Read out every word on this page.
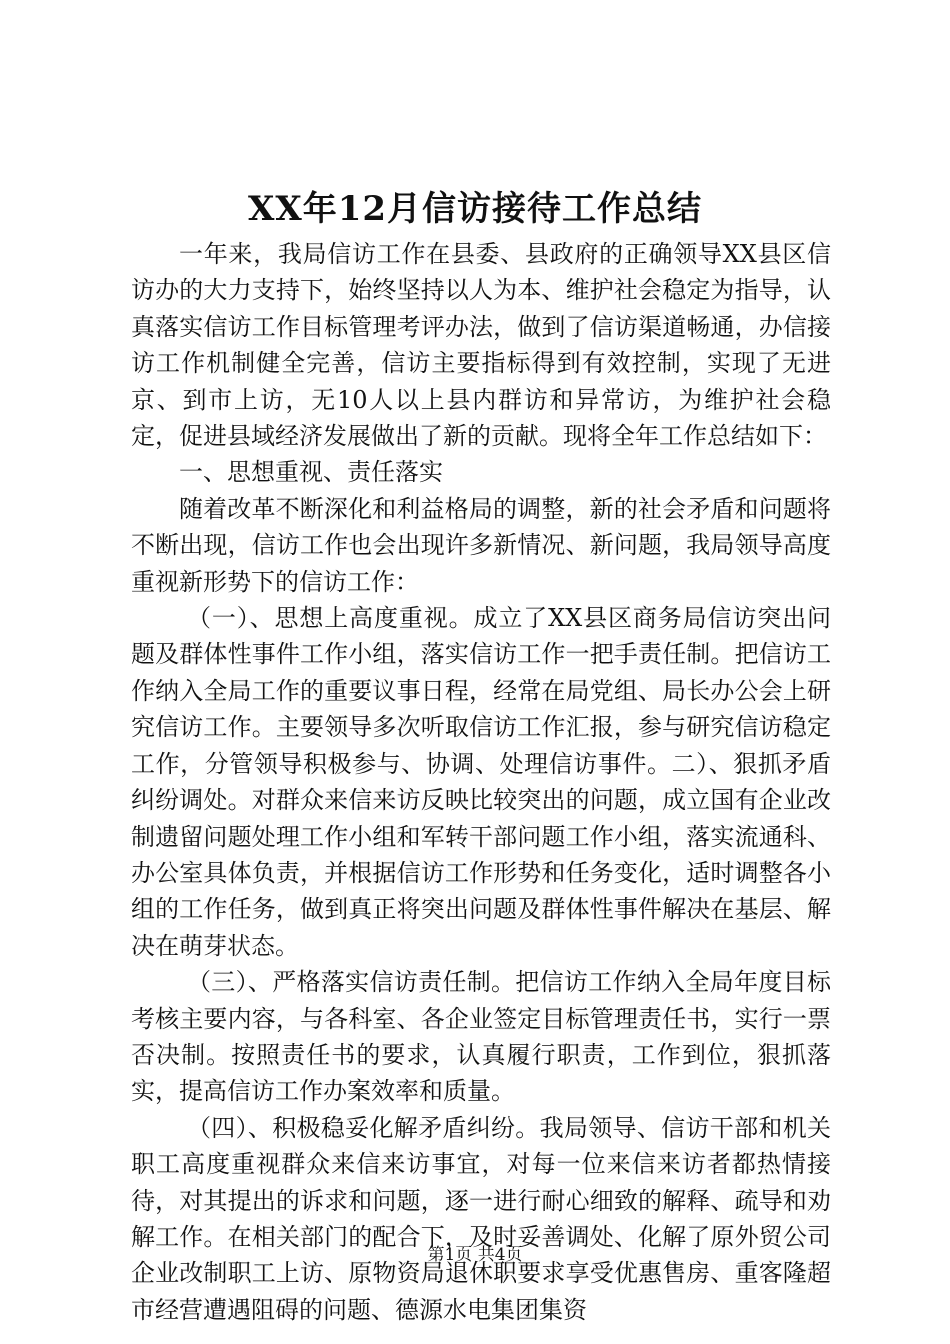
XX年12月信访接待工作总结

一年来，我局信访工作在县委、县政府的正确领导XX县区信访办的大力支持下，始终坚持以人为本、维护社会稳定为指导，认真落实信访工作目标管理考评办法，做到了信访渠道畅通，办信接访工作机制健全完善，信访主要指标得到有效控制，实现了无进京、到市上访，无10人以上县内群访和异常访，为维护社会稳定，促进县域经济发展做出了新的贡献。现将全年工作总结如下：

一、思想重视、责任落实

随着改革不断深化和利益格局的调整，新的社会矛盾和问题将不断出现，信访工作也会出现许多新情况、新问题，我局领导高度重视新形势下的信访工作：

（一）、思想上高度重视。成立了XX县区商务局信访突出问题及群体性事件工作小组，落实信访工作一把手责任制。把信访工作纳入全局工作的重要议事日程，经常在局党组、局长办公会上研究信访工作。主要领导多次听取信访工作汇报，参与研究信访稳定工作，分管领导积极参与、协调、处理信访事件。二）、狠抓矛盾纠纷调处。对群众来信来访反映比较突出的问题，成立国有企业改制遗留问题处理工作小组和军转干部问题工作小组，落实流通科、办公室具体负责，并根据信访工作形势和任务变化，适时调整各小组的工作任务，做到真正将突出问题及群体性事件解决在基层、解决在萌芽状态。

（三）、严格落实信访责任制。把信访工作纳入全局年度目标考核主要内容，与各科室、各企业签定目标管理责任书，实行一票否决制。按照责任书的要求，认真履行职责，工作到位，狠抓落实，提高信访工作办案效率和质量。

（四）、积极稳妥化解矛盾纠纷。我局领导、信访干部和机关职工高度重视群众来信来访事宜，对每一位来信来访者都热情接待，对其提出的诉求和问题，逐一进行耐心细致的解释、疏导和劝解工作。在相关部门的配合下，及时妥善调处、化解了原外贸公司企业改制职工上访、原物资局退休职要求享受优惠售房、重客隆超市经营遭遇阻碍的问题、德源水电集团集资

第1页 共4页
